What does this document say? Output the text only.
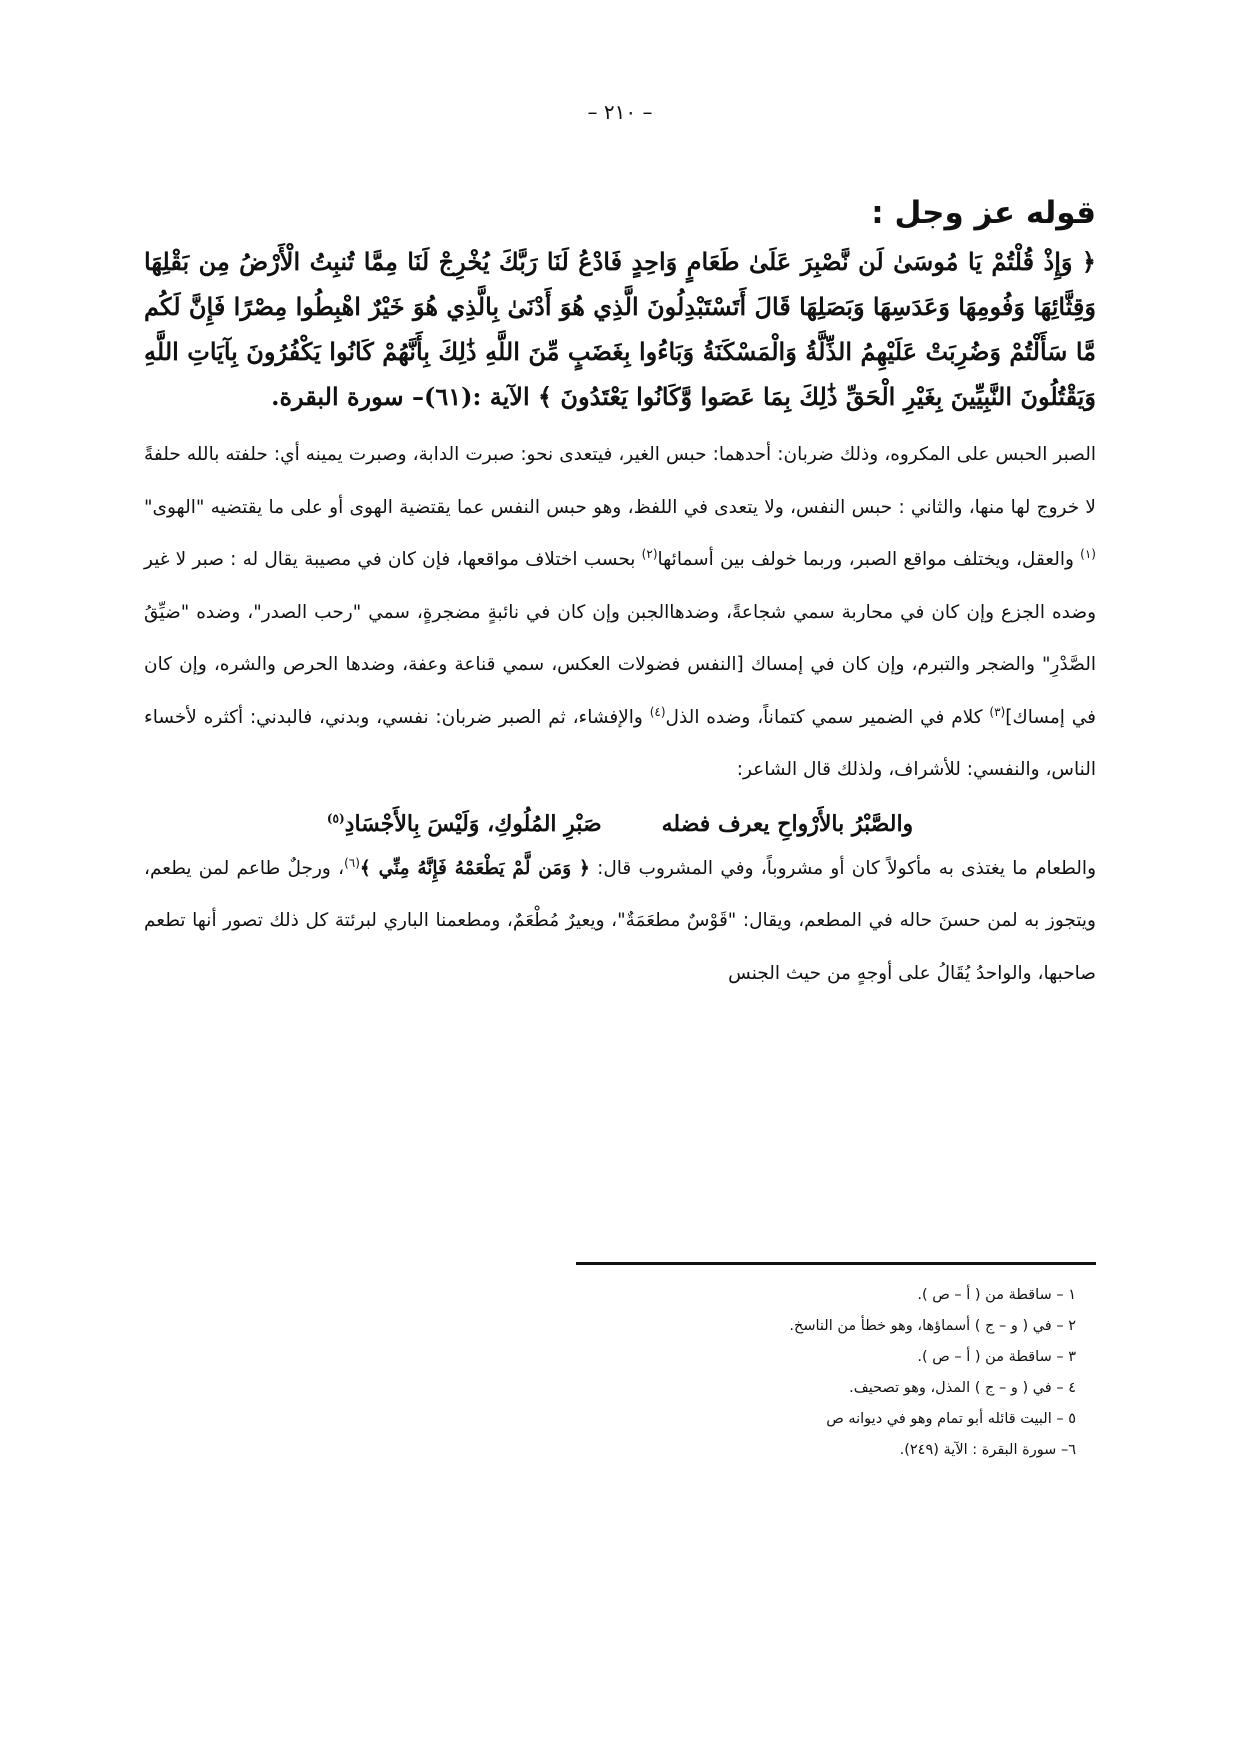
– ٢١٠ –
قوله عز وجل :

﴿ وَإِذْ قُلْتُمْ يَا مُوسَىٰ لَن نَّصْبِرَ عَلَىٰ طَعَامٍ وَاحِدٍ فَادْعُ لَنَا رَبَّكَ يُخْرِجْ لَنَا مِمَّا تُنبِتُ الْأَرْضُ مِن بَقْلِهَا وَقِثَّائِهَا وَفُومِهَا وَعَدَسِهَا وَبَصَلِهَا قَالَ أَتَسْتَبْدِلُونَ الَّذِي هُوَ أَدْنَىٰ بِالَّذِي هُوَ خَيْرٌ اهْبِطُوا مِصْرًا فَإِنَّ لَكُم مَّا سَأَلْتُمْ وَضُرِبَتْ عَلَيْهِمُ الذِّلَّةُ وَالْمَسْكَنَةُ وَبَاءُوا بِغَضَبٍ مِّنَ اللَّهِ ذَٰلِكَ بِأَنَّهُمْ كَانُوا يَكْفُرُونَ بِآيَاتِ اللَّهِ وَيَقْتُلُونَ النَّبِيِّينَ بِغَيْرِ الْحَقِّ ذَٰلِكَ بِمَا عَصَوا وَّكَانُوا يَعْتَدُونَ ﴾ الآية :(٦١)– سورة البقرة.

الصبر الحبس على المكروه، وذلك ضربان: أحدهما: حبس الغير، فيتعدى نحو: صبرت الدابة، وصبرت يمينه أي: حلفته بالله حلفةً لا خروج لها منها، والثاني : حبس النفس، ولا يتعدى في اللفظ، وهو حبس النفس عما يقتضية الهوى أو على ما يقتضيه "الهوى"$^{(١)}$ والعقل، ويختلف مواقع الصبر، وربما خولف بين أسمائها$^{(٢)}$ بحسب اختلاف مواقعها، فإن كان في مصيبة يقال له : صبر لا غير وضده الجزع وإن كان في محاربة سمي شجاعةً، وضدهاالجبن وإن كان في نائبةٍ مضجرةٍ، سمي "رحب الصدر"، وضده "ضيِّقُ الصَّدْرِ" والضجر والتبرم، وإن كان في إمساك [النفس فضولات العكس، سمي قناعة وعفة، وضدها الحرص والشره، وإن كان في إمساك]$^{(٣)}$ كلام في الضمير سمي كتماناً، وضده الذل$^{(٤)}$ والإفشاء، ثم الصبر ضربان: نفسي، وبدني، فالبدني: أكثره لأخساء الناس، والنفسي: للأشراف، ولذلك قال الشاعر:

والصَّبْرُ بالأَرْواحِ يعرف فضله
صَبْرِ المُلُوكِ، وَلَيْسَ بِالأَجْسَادِ$^{(٥)}$

والطعام ما يغتذى به مأكولاً كان أو مشروباً، وفي المشروب قال: ﴿ وَمَن لَّمْ يَطْعَمْهُ فَإِنَّهُ مِنِّي ﴾$^{(٦)}$، ورجلٌ طاعم لمن يطعم، ويتجوز به لمن حسنَ حاله في المطعم، ويقال: "قَوْسٌ مطعَمَةٌ"، ويعيرٌ مُطْعَمٌ، ومطعمنا الباري لبرئتة كل ذلك تصور أنها تطعم صاحبها، والواحدُ يُقَالُ على أوجهٍ من حيث الجنس

١ – ساقطة من ( أ – ص ).
٢ – في ( و – ج ) أسماؤها، وهو خطأ من الناسخ.
٣ – ساقطة من ( أ – ص ).
٤ – في ( و – ج ) المذل، وهو تصحيف.
٥ – البيت قائله أبو تمام وهو في ديوانه ص
٦– سورة البقرة : الآية (٢٤٩).
